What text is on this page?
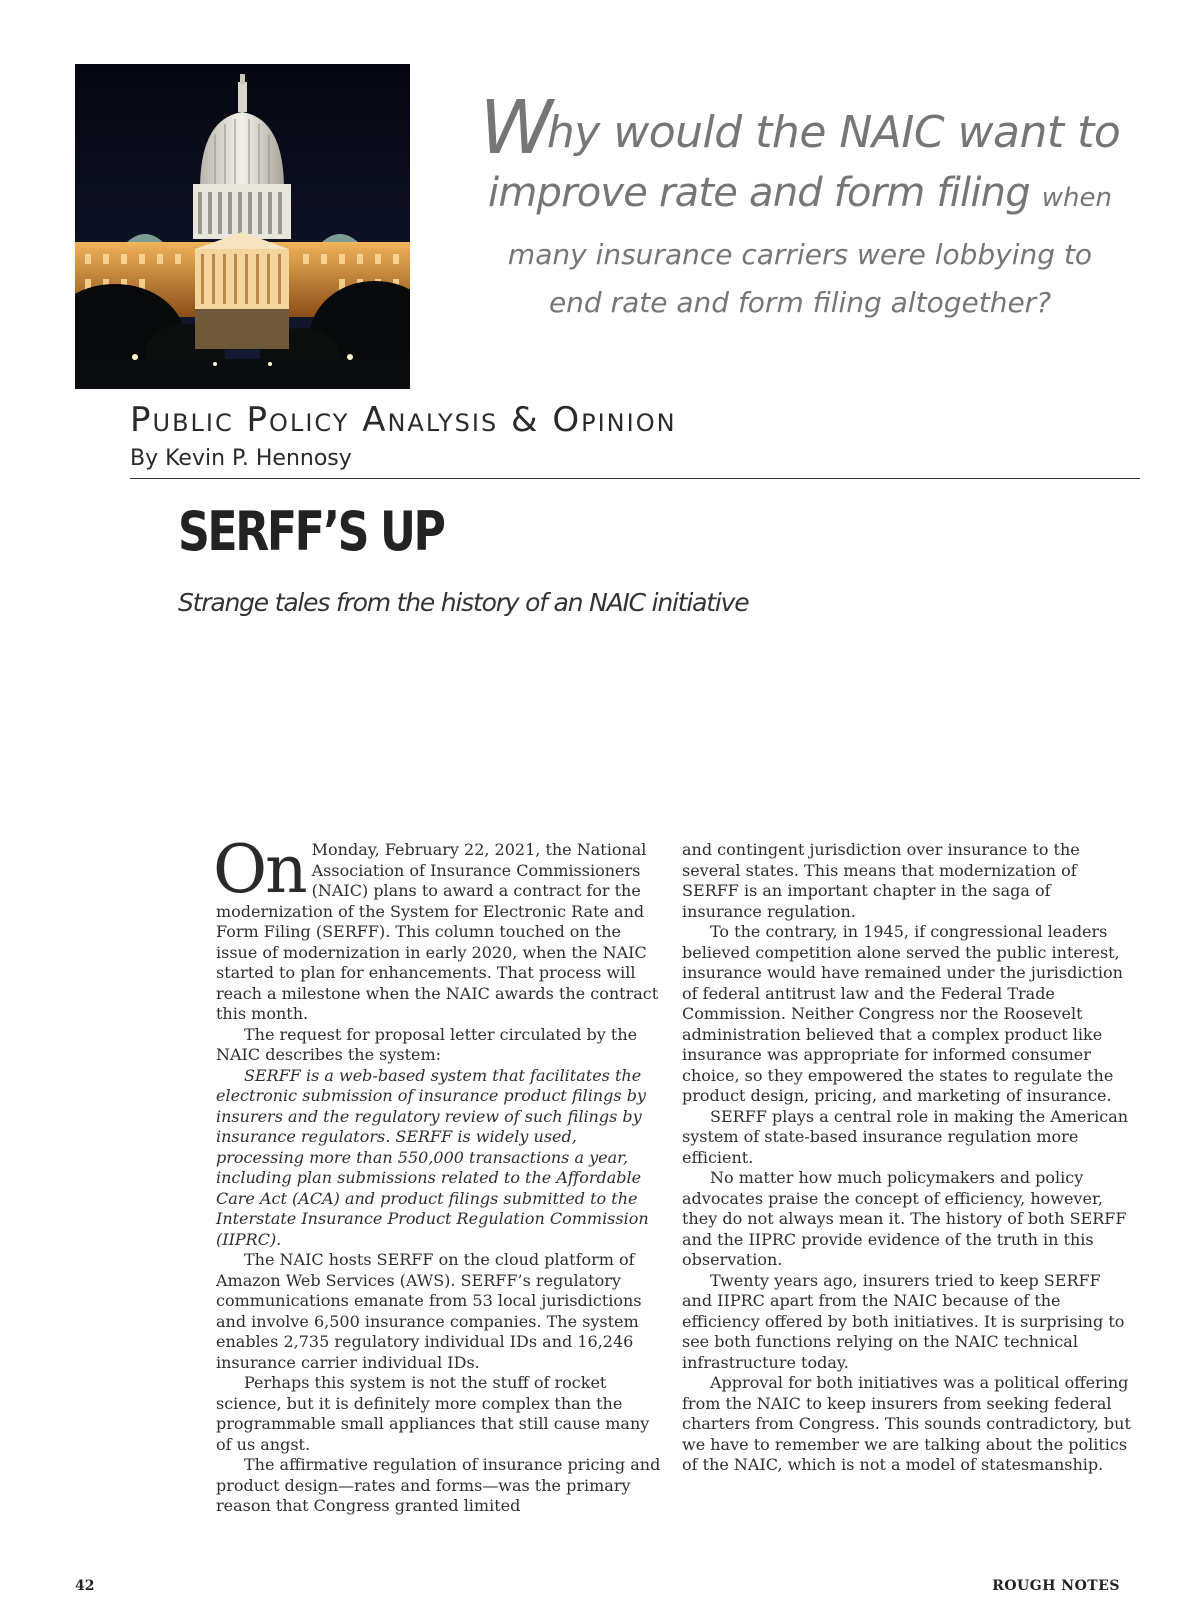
Why would the NAIC want to
improve rate and form filing when
many insurance carriers were lobbying to
end rate and form filing altogether?
Public Policy Analysis & Opinion
By Kevin P. Hennosy
SERFF’S UP
Strange tales from the history of an NAIC initiative

On Monday, February 22, 2021, the National Association of Insurance Commissioners (NAIC) plans to award a contract for the modernization of the System for Electronic Rate and Form Filing (SERFF). This column touched on the issue of modernization in early 2020, when the NAIC started to plan for enhancements. That process will reach a milestone when the NAIC awards the contract this month.

The request for proposal letter circulated by the NAIC describes the system:

SERFF is a web-based system that facilitates the electronic submission of insurance product filings by insurers and the regulatory review of such filings by insurance regulators. SERFF is widely used, processing more than 550,000 transactions a year, including plan submissions related to the Affordable Care Act (ACA) and product filings submitted to the Interstate Insurance Product Regulation Commission (IIPRC).

The NAIC hosts SERFF on the cloud platform of Amazon Web Services (AWS). SERFF’s regulatory communications emanate from 53 local jurisdictions and involve 6,500 insurance companies. The system enables 2,735 regulatory individual IDs and 16,246 insurance carrier individual IDs.

Perhaps this system is not the stuff of rocket science, but it is definitely more complex than the programmable small appliances that still cause many of us angst.

The affirmative regulation of insurance pricing and product design—rates and forms—was the primary reason that Congress granted limited

and contingent jurisdiction over insurance to the several states. This means that modernization of SERFF is an important chapter in the saga of insurance regulation.

To the contrary, in 1945, if congressional leaders believed competition alone served the public interest, insurance would have remained under the jurisdiction of federal antitrust law and the Federal Trade Commission. Neither Congress nor the Roosevelt administration believed that a complex product like insurance was appropriate for informed consumer choice, so they empowered the states to regulate the product design, pricing, and marketing of insurance.

SERFF plays a central role in making the American system of state-based insurance regulation more efficient.

No matter how much policymakers and policy advocates praise the concept of efficiency, however, they do not always mean it. The history of both SERFF and the IIPRC provide evidence of the truth in this observation.

Twenty years ago, insurers tried to keep SERFF and IIPRC apart from the NAIC because of the efficiency offered by both initiatives. It is surprising to see both functions relying on the NAIC technical infrastructure today.

Approval for both initiatives was a political offering from the NAIC to keep insurers from seeking federal charters from Congress. This sounds contradictory, but we have to remember we are talking about the politics of the NAIC, which is not a model of statesmanship.

42	ROUGH NOTES
